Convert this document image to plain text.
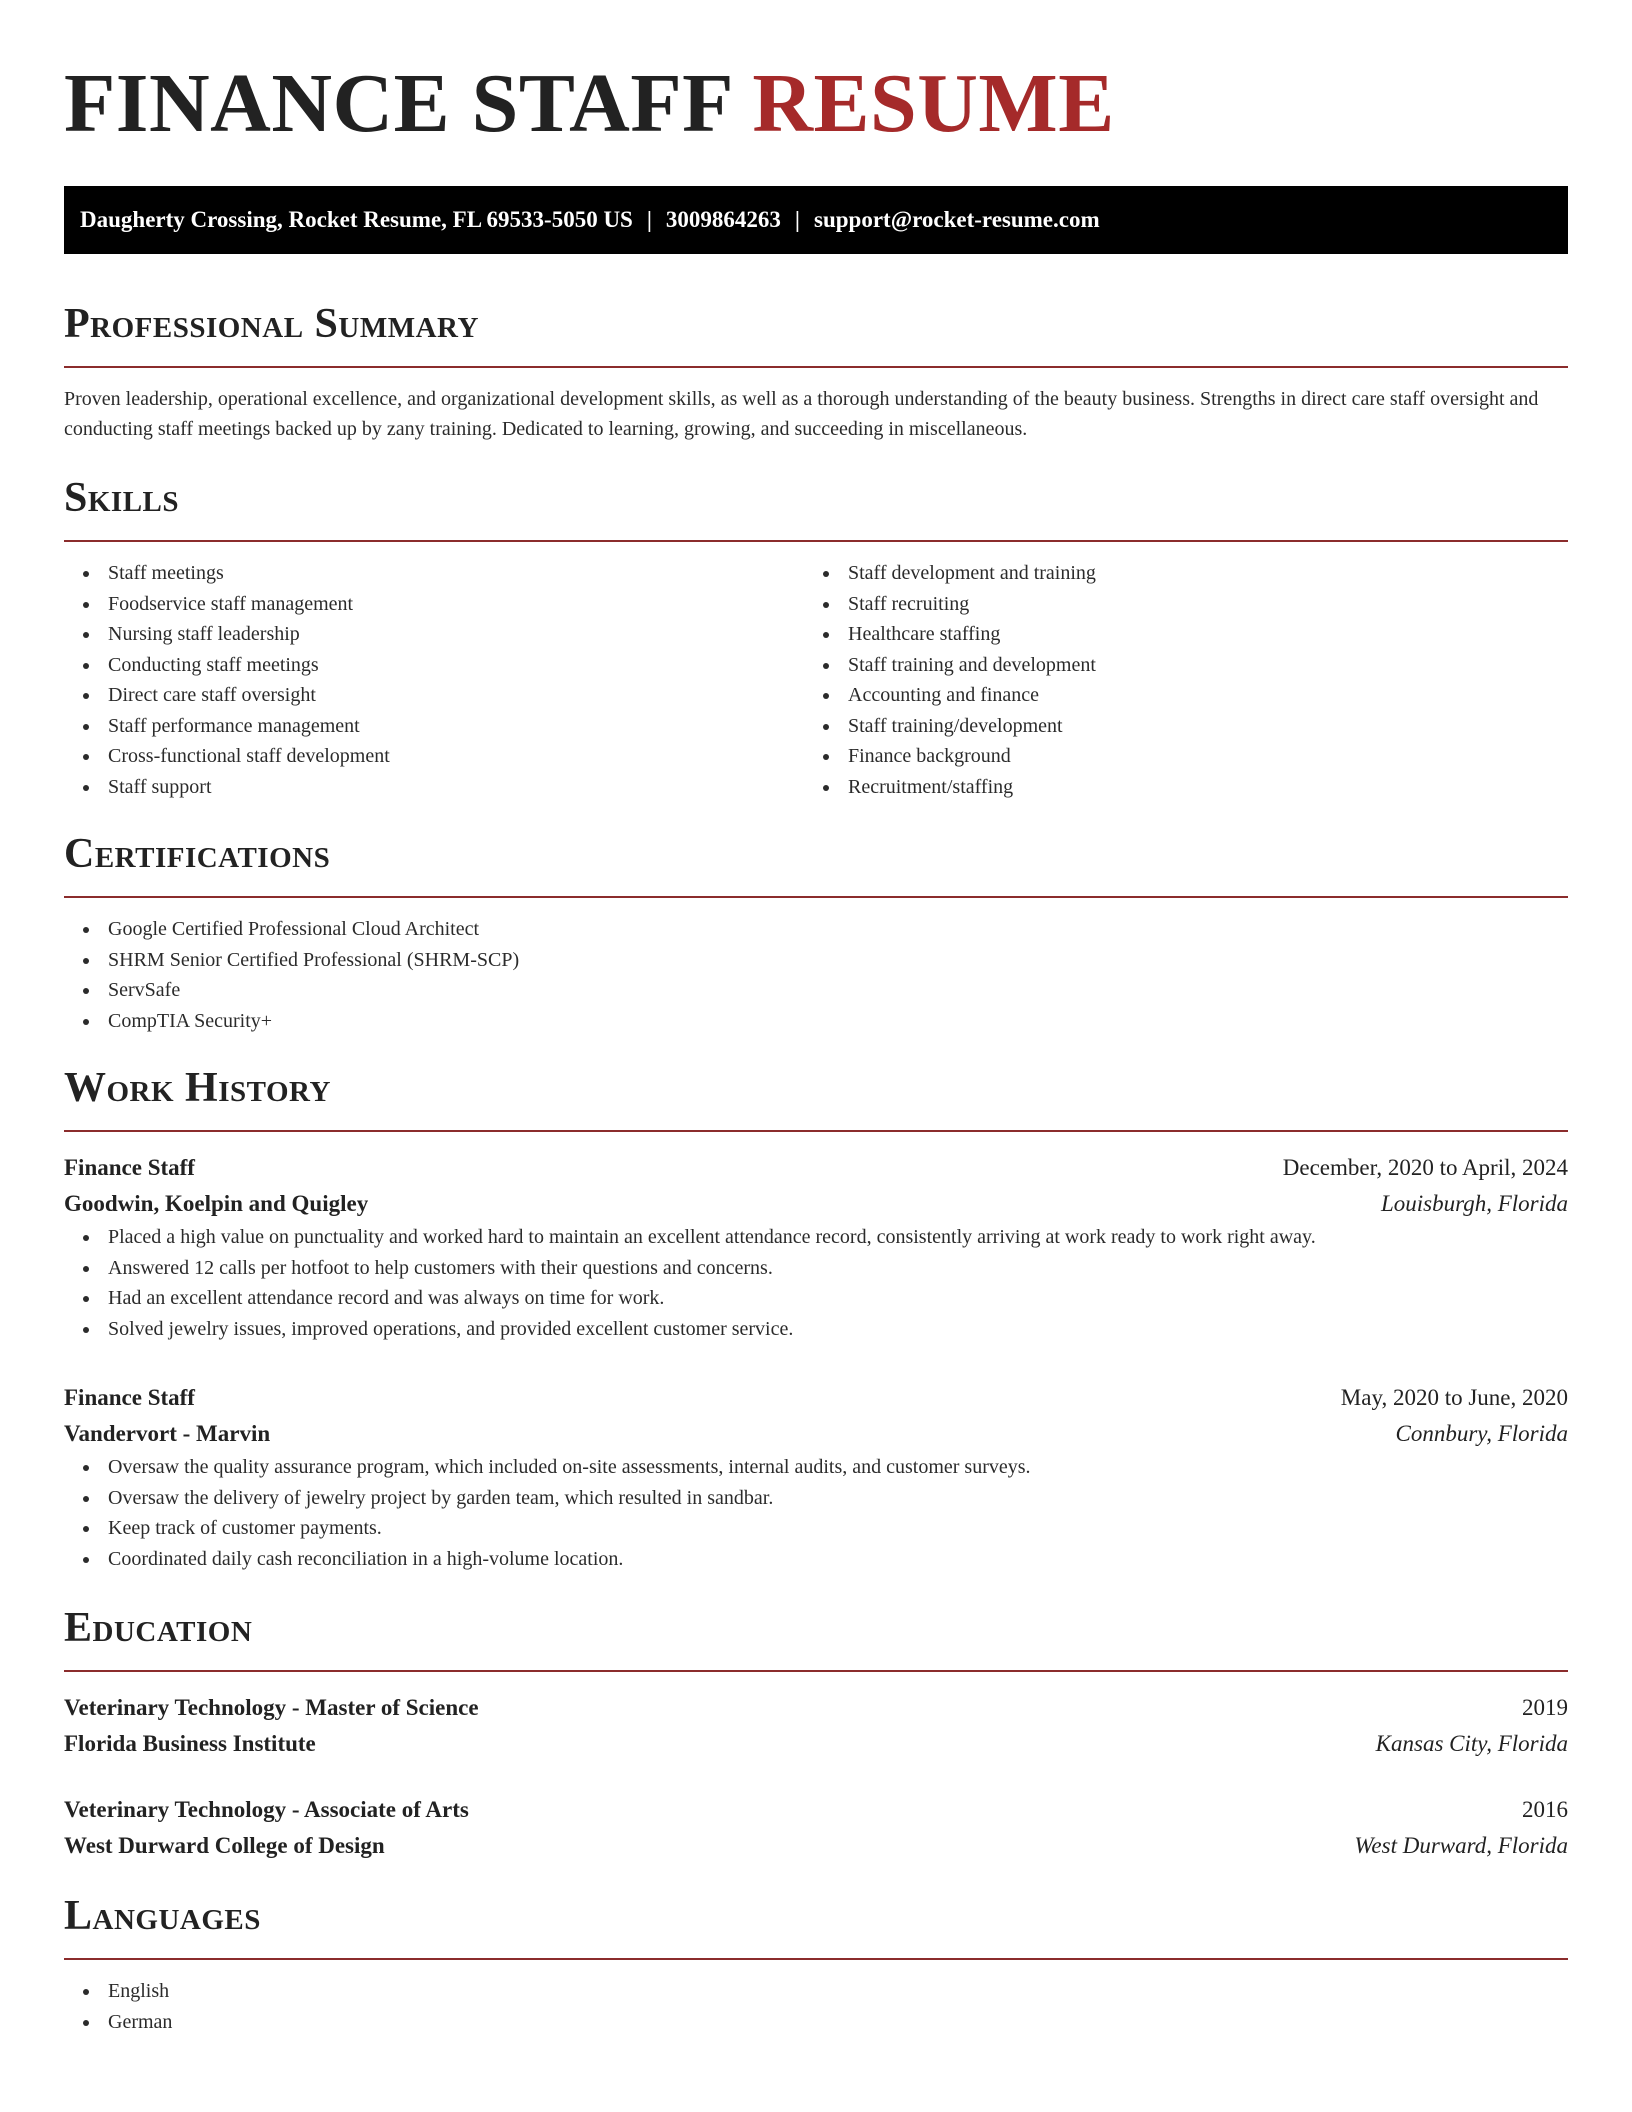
FINANCE STAFF RESUME
Daugherty Crossing, Rocket Resume, FL 69533-5050 US | 3009864263 | support@rocket-resume.com
Professional Summary

Proven leadership, operational excellence, and organizational development skills, as well as a thorough understanding of the beauty business. Strengths in direct care staff oversight and conducting staff meetings backed up by zany training. Dedicated to learning, growing, and succeeding in miscellaneous.

Skills
Staff meetings
Foodservice staff management
Nursing staff leadership
Conducting staff meetings
Direct care staff oversight
Staff performance management
Cross-functional staff development
Staff support
Staff development and training
Staff recruiting
Healthcare staffing
Staff training and development
Accounting and finance
Staff training/development
Finance background
Recruitment/staffing
Certifications
Google Certified Professional Cloud Architect
SHRM Senior Certified Professional (SHRM-SCP)
ServSafe
CompTIA Security+
Work History
Finance Staff	December, 2020 to April, 2024
Goodwin, Koelpin and Quigley	Louisburgh, Florida
Placed a high value on punctuality and worked hard to maintain an excellent attendance record, consistently arriving at work ready to work right away.
Answered 12 calls per hotfoot to help customers with their questions and concerns.
Had an excellent attendance record and was always on time for work.
Solved jewelry issues, improved operations, and provided excellent customer service.
Finance Staff	May, 2020 to June, 2020
Vandervort - Marvin	Connbury, Florida
Oversaw the quality assurance program, which included on-site assessments, internal audits, and customer surveys.
Oversaw the delivery of jewelry project by garden team, which resulted in sandbar.
Keep track of customer payments.
Coordinated daily cash reconciliation in a high-volume location.
Education
Veterinary Technology - Master of Science	2019
Florida Business Institute	Kansas City, Florida
Veterinary Technology - Associate of Arts	2016
West Durward College of Design	West Durward, Florida
Languages
English
German
